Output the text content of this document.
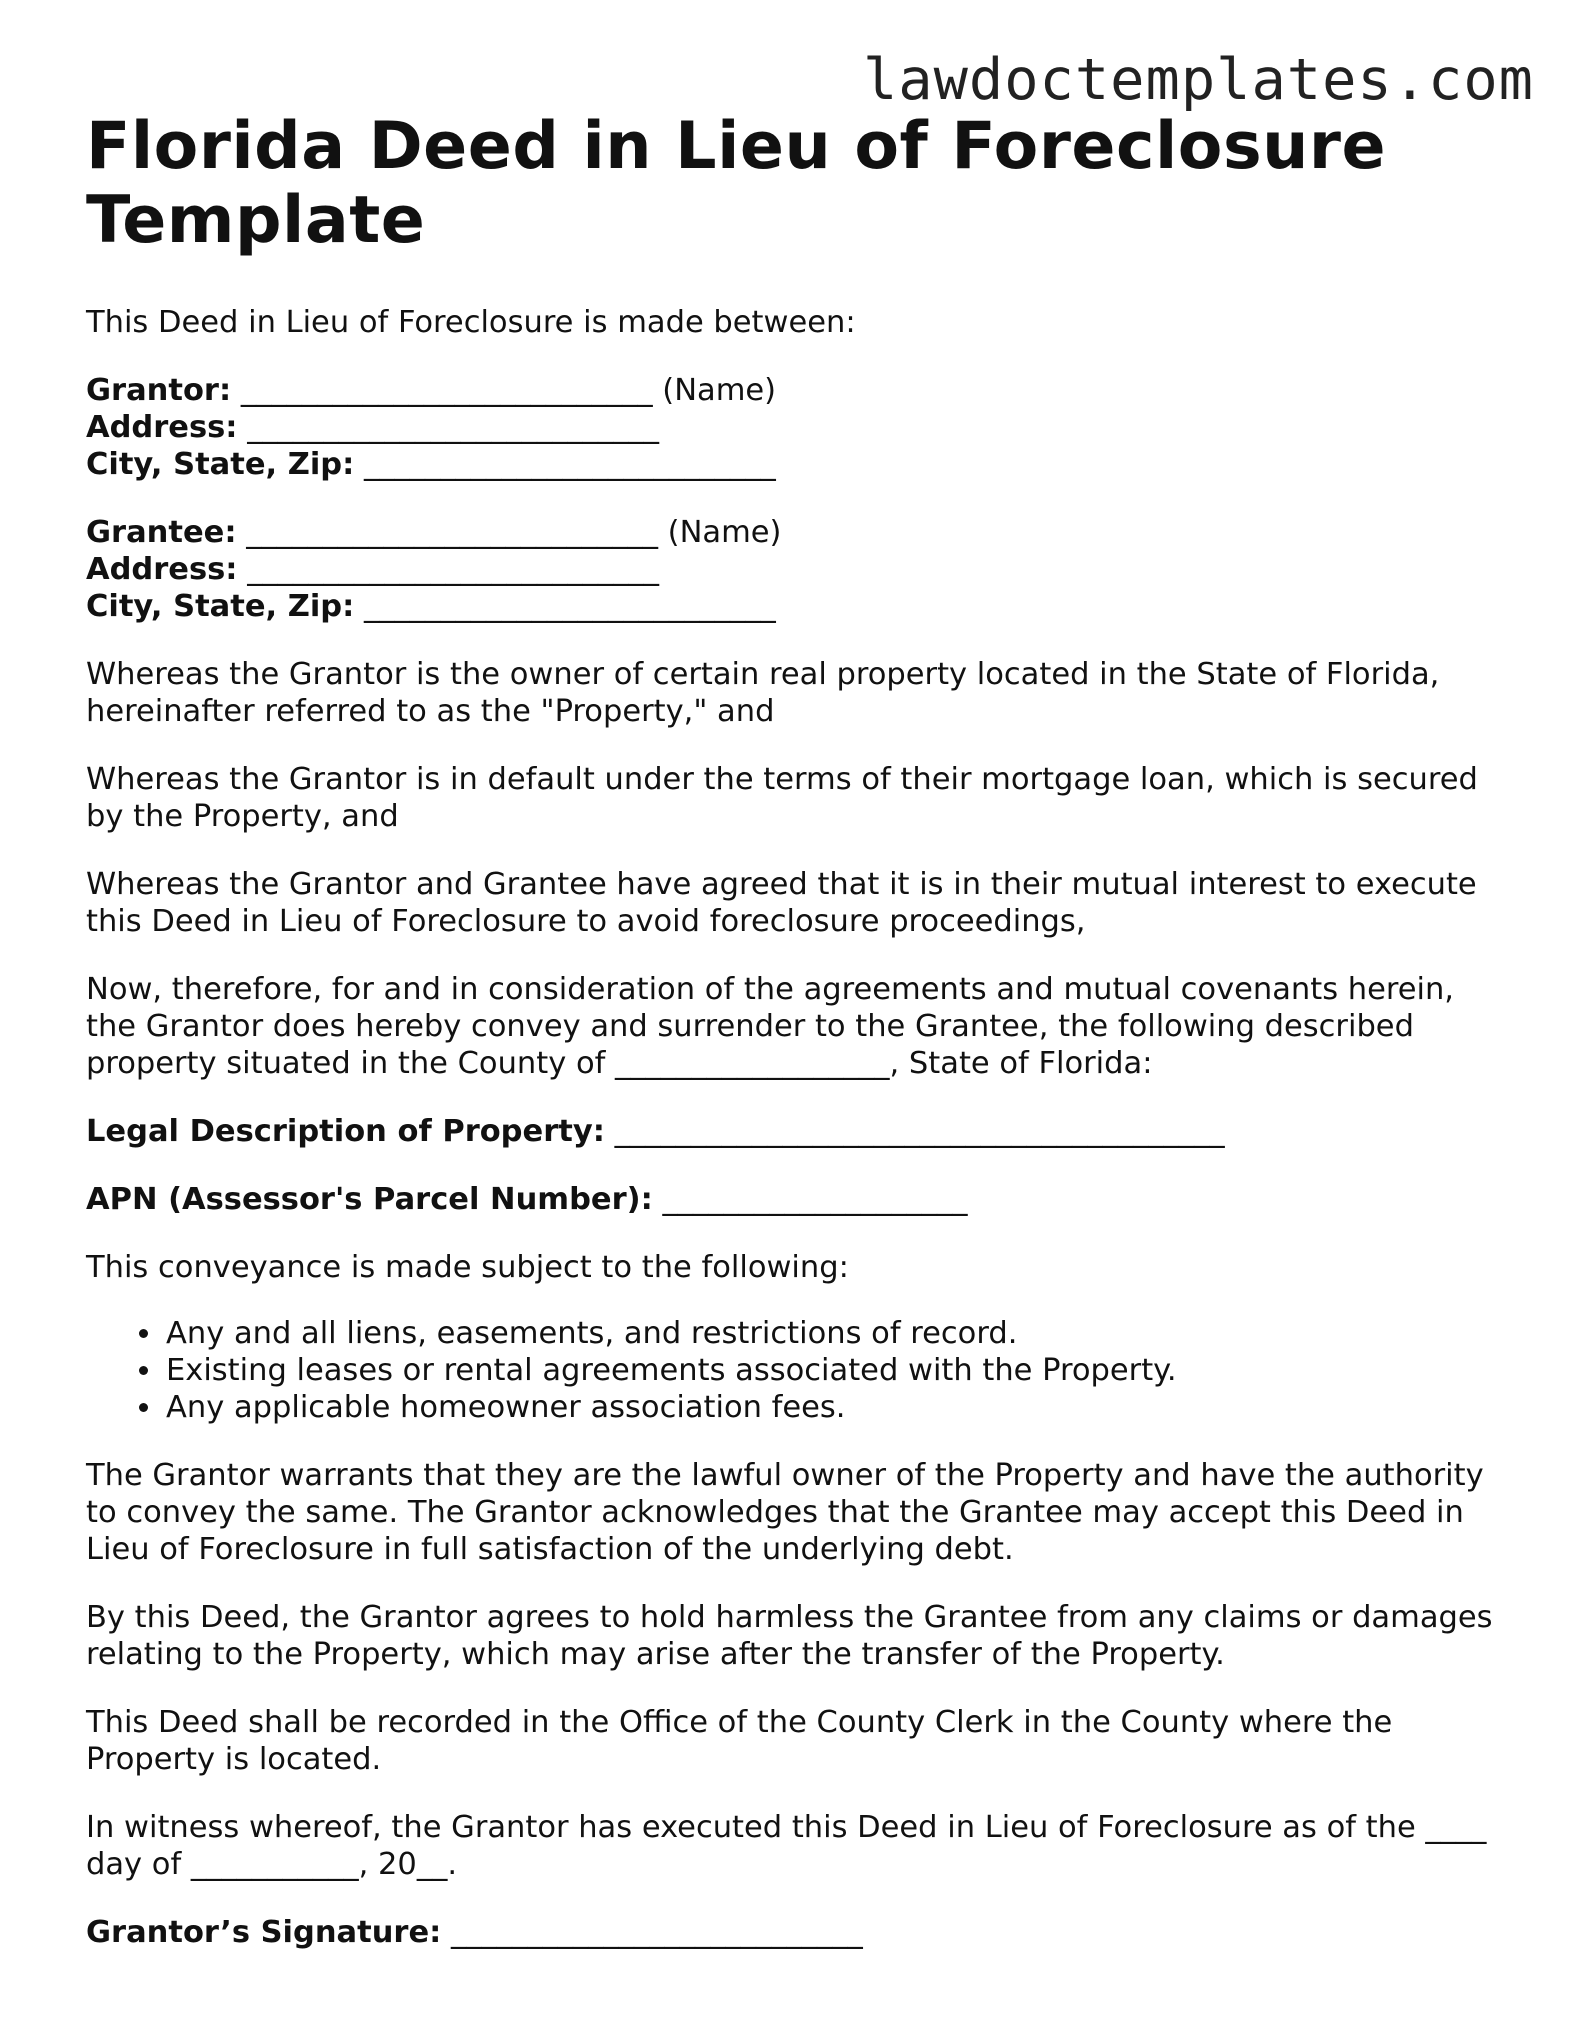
lawdoctemplates.com
Florida Deed in Lieu of Foreclosure Template

This Deed in Lieu of Foreclosure is made between:

Grantor: ___________________________ (Name)

Address: ___________________________

City, State, Zip: ___________________________

Grantee: ___________________________ (Name)

Address: ___________________________

City, State, Zip: ___________________________

Whereas the Grantor is the owner of certain real property located in the State of Florida, hereinafter referred to as the "Property," and

Whereas the Grantor is in default under the terms of their mortgage loan, which is secured by the Property, and

Whereas the Grantor and Grantee have agreed that it is in their mutual interest to execute this Deed in Lieu of Foreclosure to avoid foreclosure proceedings,

Now, therefore, for and in consideration of the agreements and mutual covenants herein, the Grantor does hereby convey and surrender to the Grantee, the following described property situated in the County of __________________, State of Florida:

Legal Description of Property: ________________________________________

APN (Assessor's Parcel Number): ____________________

This conveyance is made subject to the following:

• Any and all liens, easements, and restrictions of record.
• Existing leases or rental agreements associated with the Property.
• Any applicable homeowner association fees.

The Grantor warrants that they are the lawful owner of the Property and have the authority to convey the same. The Grantor acknowledges that the Grantee may accept this Deed in Lieu of Foreclosure in full satisfaction of the underlying debt.

By this Deed, the Grantor agrees to hold harmless the Grantee from any claims or damages relating to the Property, which may arise after the transfer of the Property.

This Deed shall be recorded in the Office of the County Clerk in the County where the Property is located.

In witness whereof, the Grantor has executed this Deed in Lieu of Foreclosure as of the ____ day of ___________, 20__.

Grantor’s Signature: ___________________________
